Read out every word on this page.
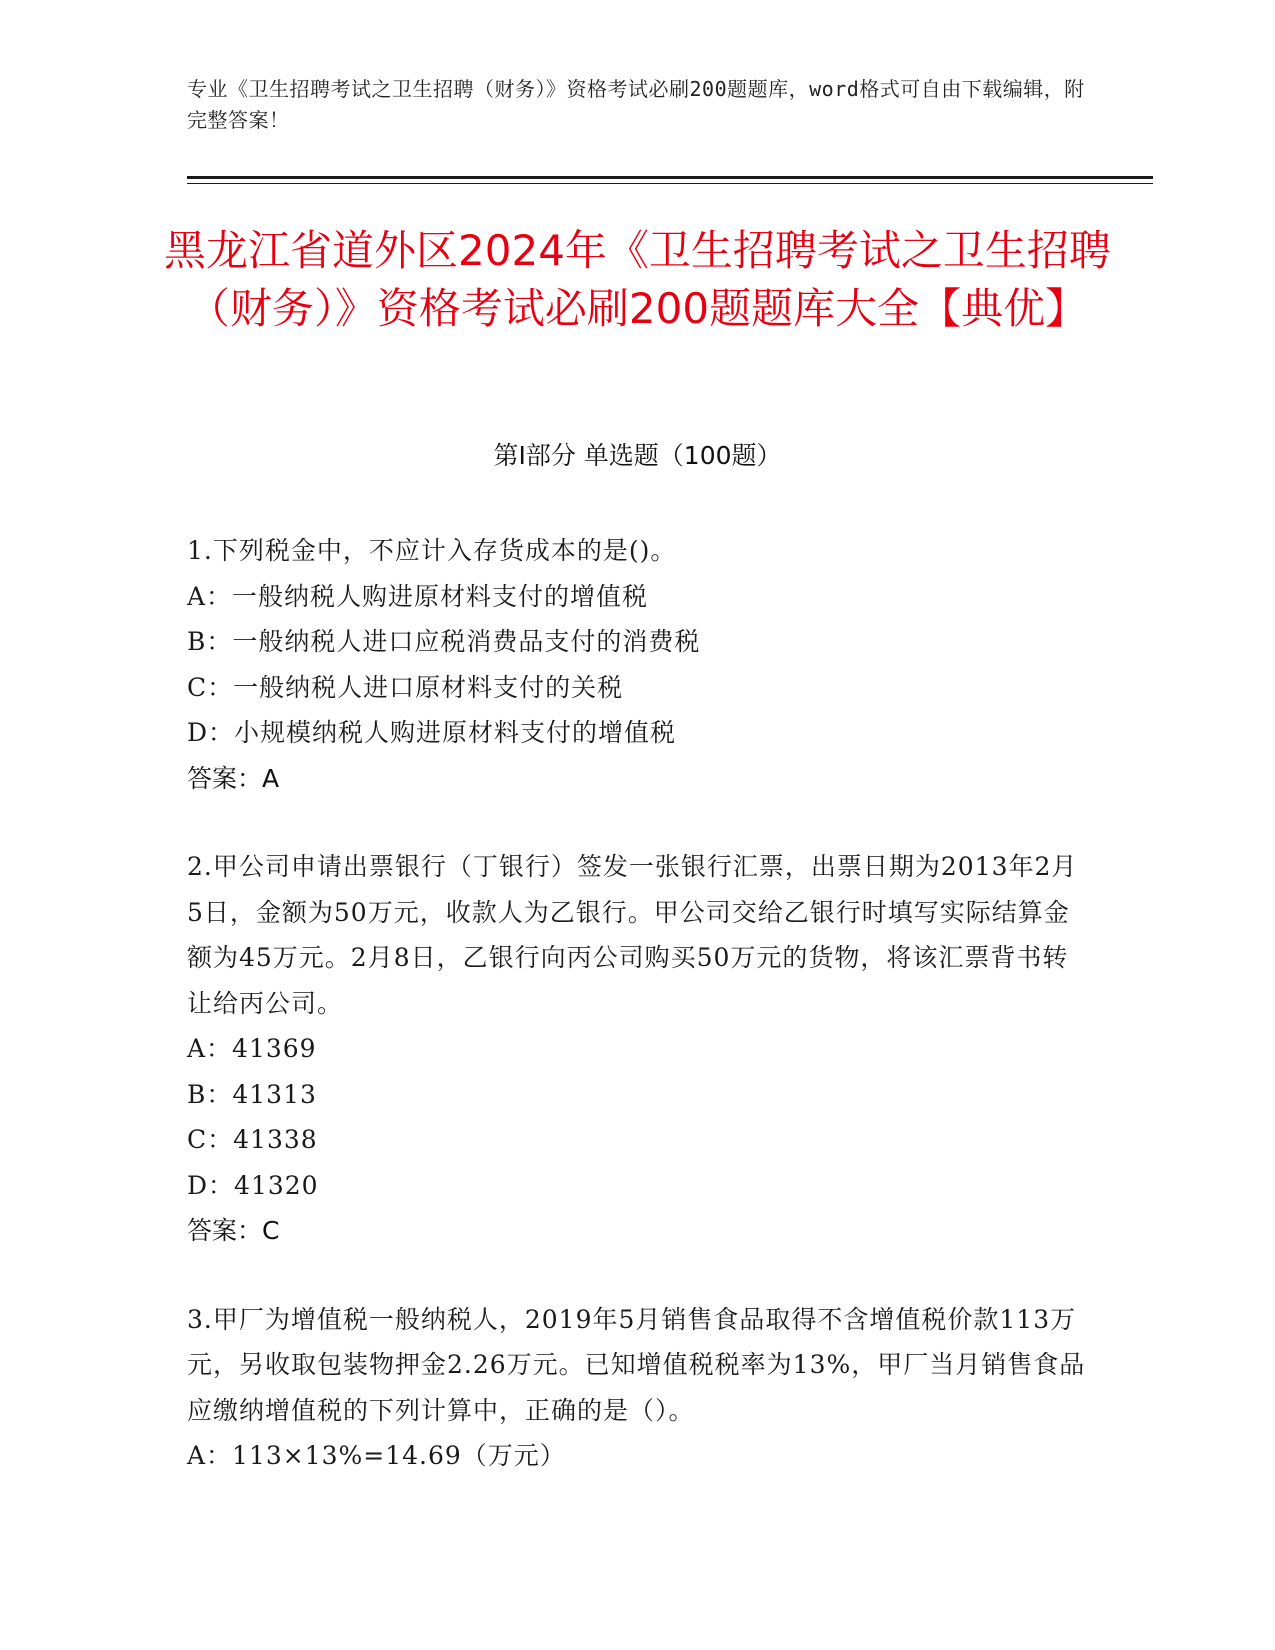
专业《卫生招聘考试之卫生招聘（财务）》资格考试必刷200题题库，word格式可自由下载编辑，附完整答案！
黑龙江省道外区2024年《卫生招聘考试之卫生招聘（财务）》资格考试必刷200题题库大全【典优】
第I部分 单选题（100题）
1.下列税金中，不应计入存货成本的是()。
A：一般纳税人购进原材料支付的增值税
B：一般纳税人进口应税消费品支付的消费税
C：一般纳税人进口原材料支付的关税
D：小规模纳税人购进原材料支付的增值税
答案：A
2.甲公司申请出票银行（丁银行）签发一张银行汇票，出票日期为2013年2月5日，金额为50万元，收款人为乙银行。甲公司交给乙银行时填写实际结算金额为45万元。2月8日，乙银行向丙公司购买50万元的货物，将该汇票背书转让给丙公司。
A：41369
B：41313
C：41338
D：41320
答案：C
3.甲厂为增值税一般纳税人，2019年5月销售食品取得不含增值税价款113万元，另收取包装物押金2.26万元。已知增值税税率为13%，甲厂当月销售食品应缴纳增值税的下列计算中，正确的是（）。
A：113×13%=14.69（万元）
